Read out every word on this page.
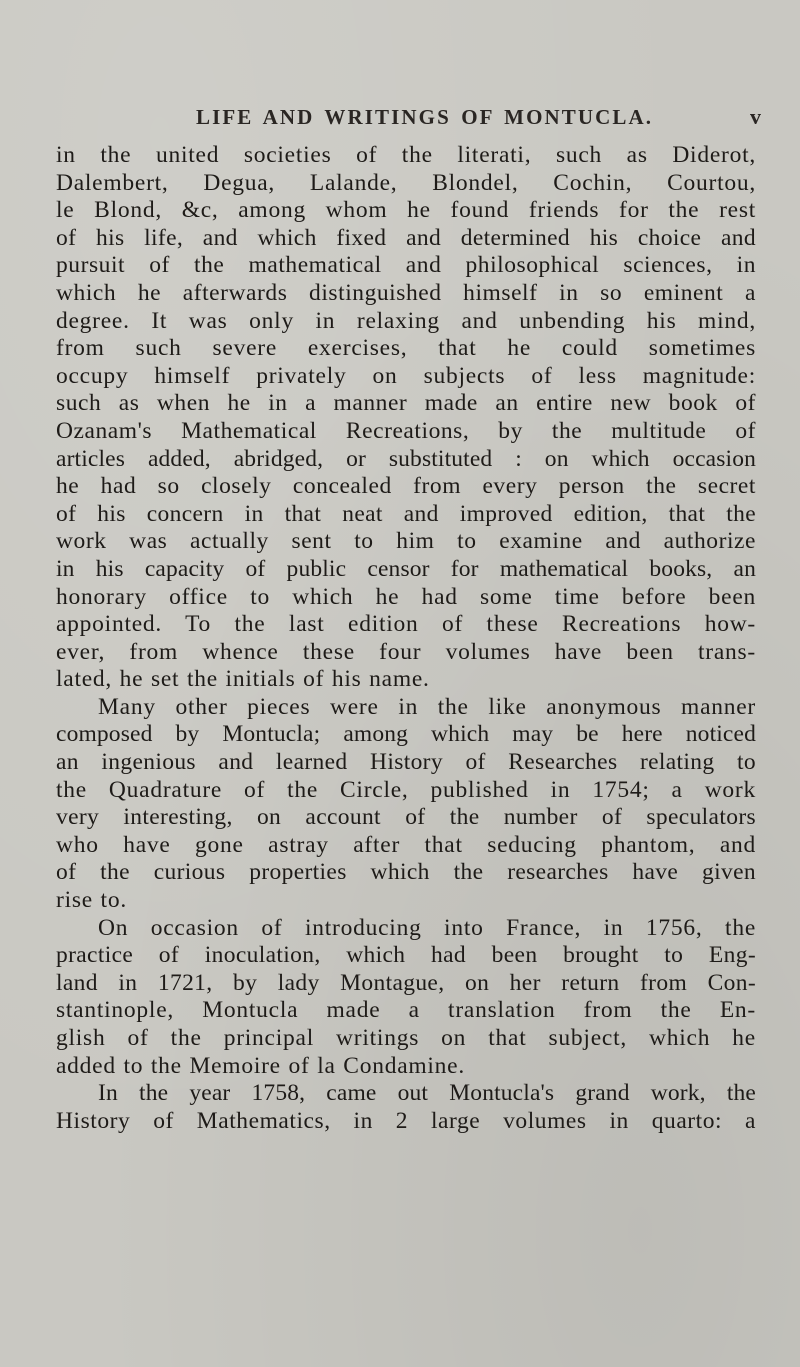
LIFE AND WRITINGS OF MONTUCLA.	v
in the united societies of the literati, such as Diderot,
Dalembert, Degua, Lalande, Blondel, Cochin, Courtou,
le Blond, &c, among whom he found friends for the rest
of his life, and which fixed and determined his choice and
pursuit of the mathematical and philosophical sciences, in
which he afterwards distinguished himself in so eminent a
degree. It was only in relaxing and unbending his mind,
from such severe exercises, that he could sometimes
occupy himself privately on subjects of less magnitude:
such as when he in a manner made an entire new book of
Ozanam's Mathematical Recreations, by the multitude of
articles added, abridged, or substituted : on which occasion
he had so closely concealed from every person the secret
of his concern in that neat and improved edition, that the
work was actually sent to him to examine and authorize
in his capacity of public censor for mathematical books, an
honorary office to which he had some time before been
appointed. To the last edition of these Recreations how-
ever, from whence these four volumes have been trans-
lated, he set the initials of his name.
Many other pieces were in the like anonymous manner
composed by Montucla; among which may be here noticed
an ingenious and learned History of Researches relating to
the Quadrature of the Circle, published in 1754; a work
very interesting, on account of the number of speculators
who have gone astray after that seducing phantom, and
of the curious properties which the researches have given
rise to.
On occasion of introducing into France, in 1756, the
practice of inoculation, which had been brought to Eng-
land in 1721, by lady Montague, on her return from Con-
stantinople, Montucla made a translation from the En-
glish of the principal writings on that subject, which he
added to the Memoire of la Condamine.
In the year 1758, came out Montucla's grand work, the
History of Mathematics, in 2 large volumes in quarto: a
